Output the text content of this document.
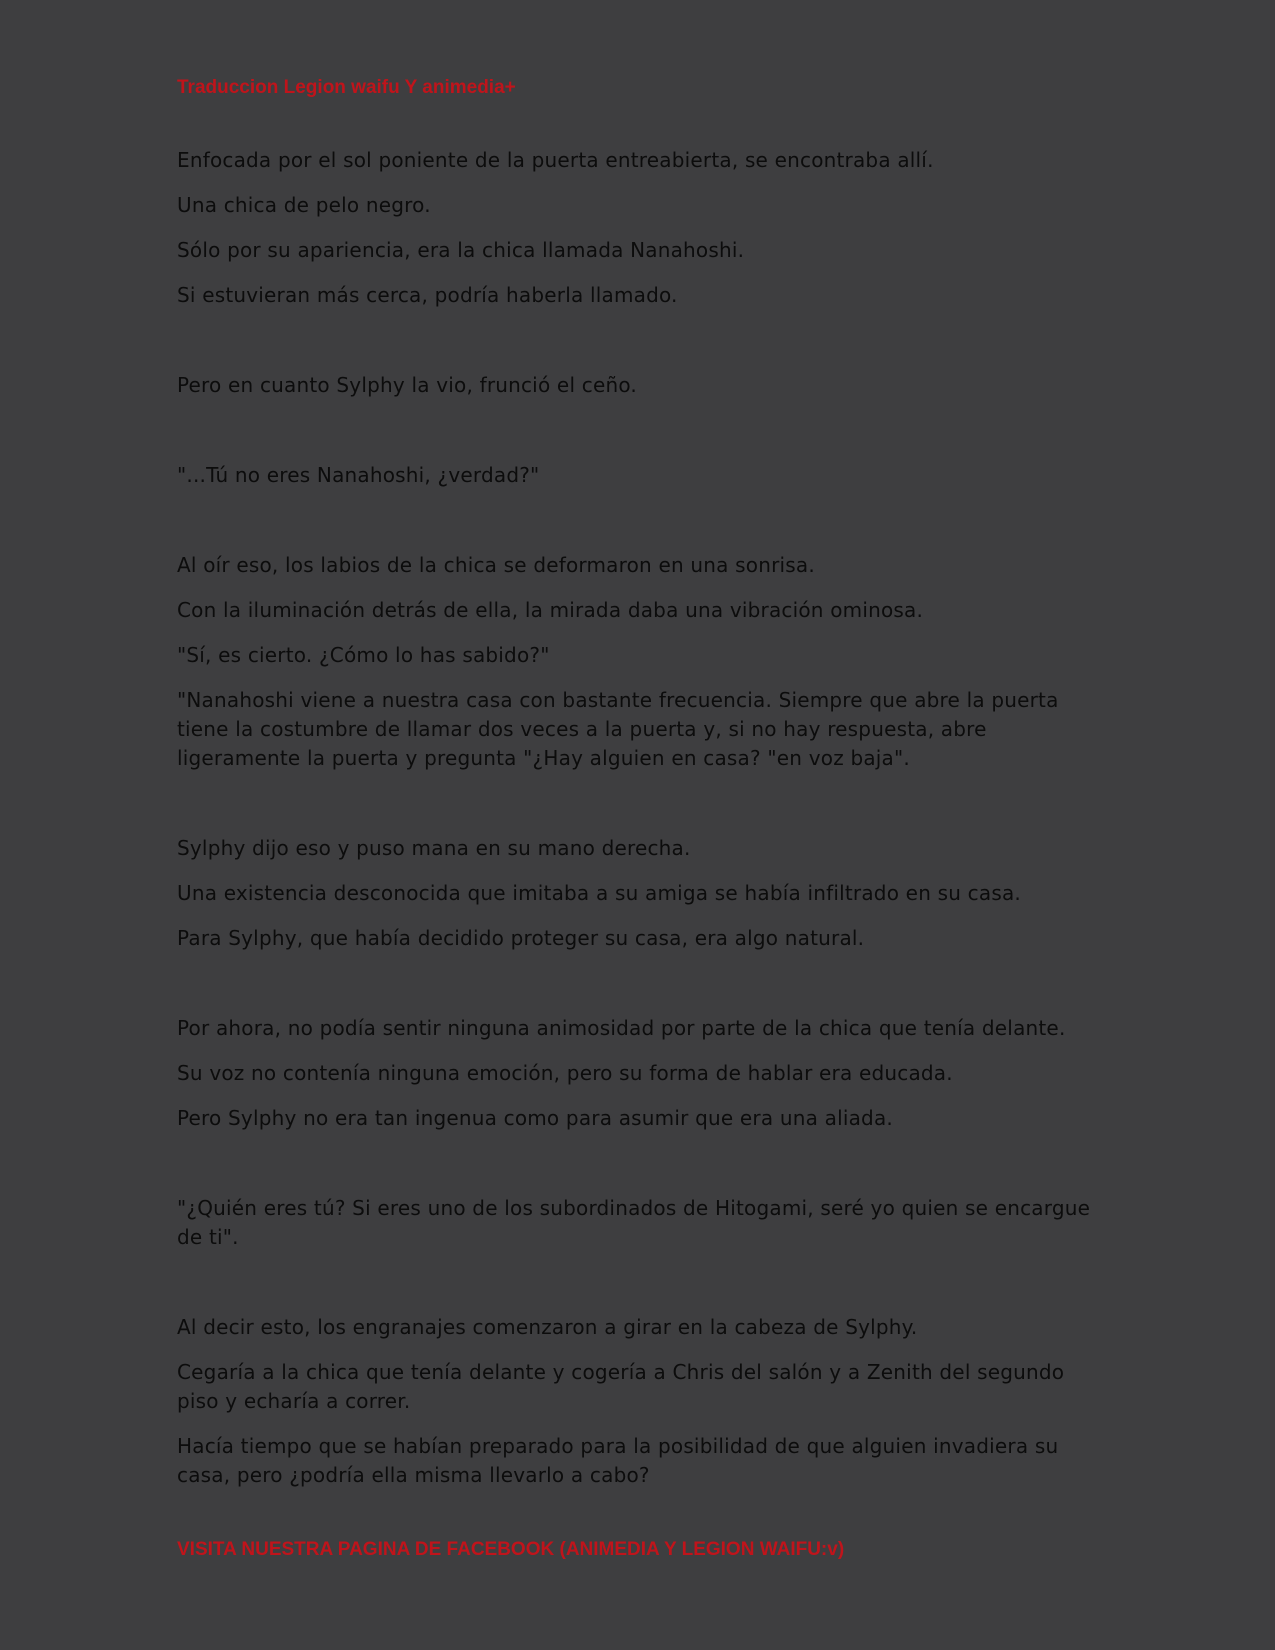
Traduccion Legion waifu Y animedia+

Enfocada por el sol poniente de la puerta entreabierta, se encontraba allí.

Una chica de pelo negro.

Sólo por su apariencia, era la chica llamada Nanahoshi.

Si estuvieran más cerca, podría haberla llamado.

Pero en cuanto Sylphy la vio, frunció el ceño.

"...Tú no eres Nanahoshi, ¿verdad?"

Al oír eso, los labios de la chica se deformaron en una sonrisa.

Con la iluminación detrás de ella, la mirada daba una vibración ominosa.

"Sí, es cierto. ¿Cómo lo has sabido?"

"Nanahoshi viene a nuestra casa con bastante frecuencia. Siempre que abre la puerta tiene la costumbre de llamar dos veces a la puerta y, si no hay respuesta, abre ligeramente la puerta y pregunta "¿Hay alguien en casa? "en voz baja".

Sylphy dijo eso y puso mana en su mano derecha.

Una existencia desconocida que imitaba a su amiga se había infiltrado en su casa.

Para Sylphy, que había decidido proteger su casa, era algo natural.

Por ahora, no podía sentir ninguna animosidad por parte de la chica que tenía delante.

Su voz no contenía ninguna emoción, pero su forma de hablar era educada.

Pero Sylphy no era tan ingenua como para asumir que era una aliada.

"¿Quién eres tú? Si eres uno de los subordinados de Hitogami, seré yo quien se encargue de ti".

Al decir esto, los engranajes comenzaron a girar en la cabeza de Sylphy.

Cegaría a la chica que tenía delante y cogería a Chris del salón y a Zenith del segundo piso y echaría a correr.

Hacía tiempo que se habían preparado para la posibilidad de que alguien invadiera su casa, pero ¿podría ella misma llevarlo a cabo?

VISITA NUESTRA PAGINA DE FACEBOOK (ANIMEDIA Y LEGION WAIFU:v)
